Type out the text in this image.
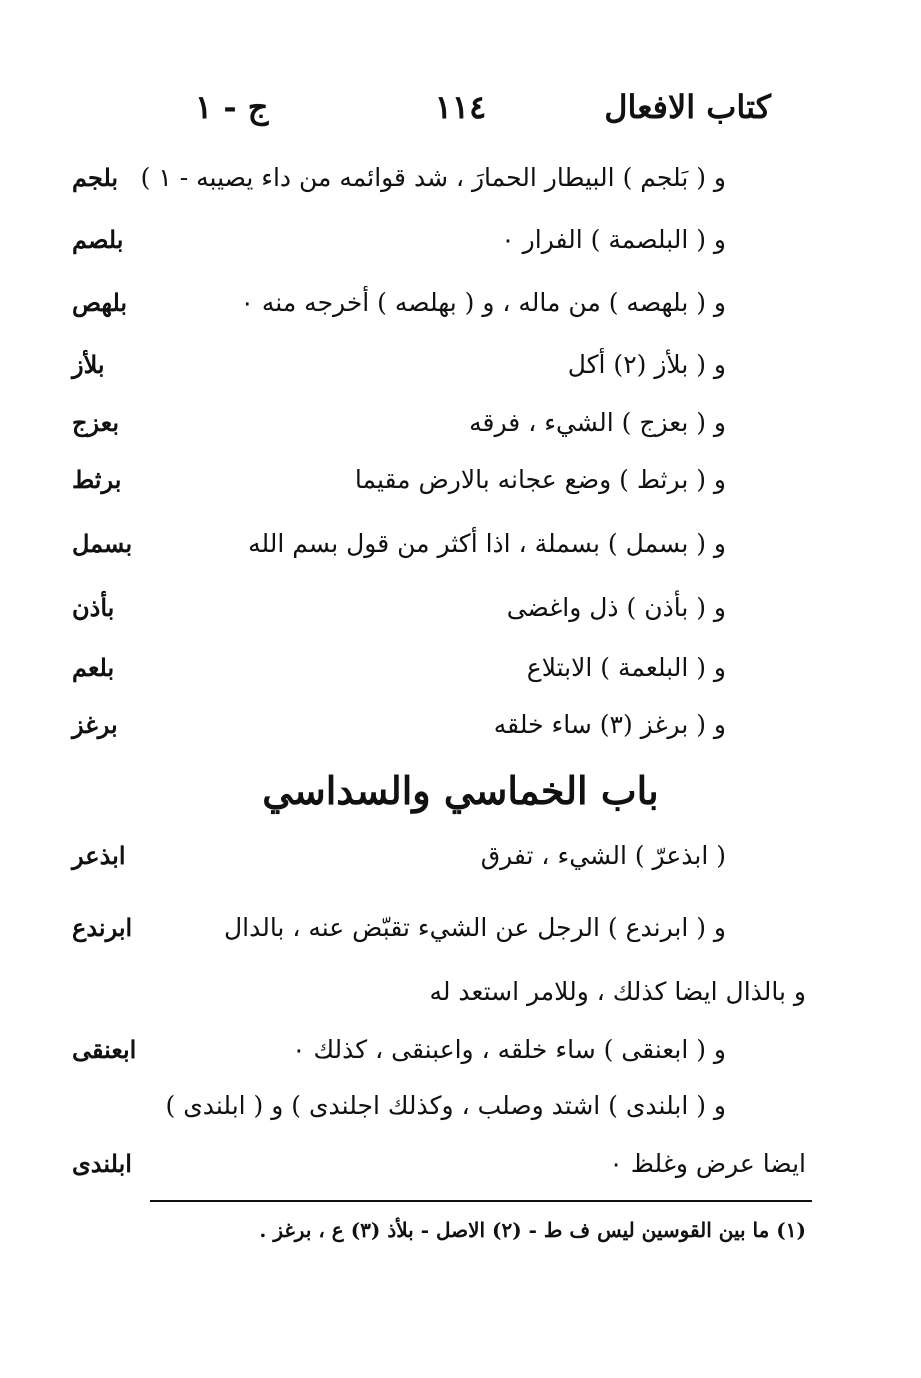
كتاب الافعال
١١٤
ج - ١
و ( بَلجم ) البيطار الحمارَ ، شد قوائمه من داء يصيبه - ١ )
بلجم
و ( البلصمة ) الفرار ٠
بلصم
و ( بلهصه ) من ماله ، و ( بهلصه ) أخرجه منه ٠
بلهص
و ( بلأز (٢) أكل
بلأز
و ( بعزج ) الشيء ، فرقه
بعزج
و ( برثط ) وضع عجانه بالارض مقيما
برثط
و ( بسمل ) بسملة ، اذا أكثر من قول بسم الله
بسمل
و ( بأذن ) ذل واغضى
بأذن
و ( البلعمة ) الابتلاع
بلعم
و ( برغز (٣) ساء خلقه
برغز
باب الخماسي والسداسي
( ابذعرّ ) الشيء ، تفرق
ابذعر
و ( ابرندع ) الرجل عن الشيء تقبّض عنه ، بالدال
ابرندع
و بالذال ايضا كذلك ، وللامر استعد له
و ( ابعنقى ) ساء خلقه ، واعبنقى ، كذلك ٠
ابعنقى
و ( ابلندى ) اشتد وصلب ، وكذلك اجلندى ) و ( ابلندى )
ايضا عرض وغلظ ٠
ابلندى
(١) ما بين القوسين ليس ف ط - (٢) الاصل - بلأذ (٣) ع ، برغز .
